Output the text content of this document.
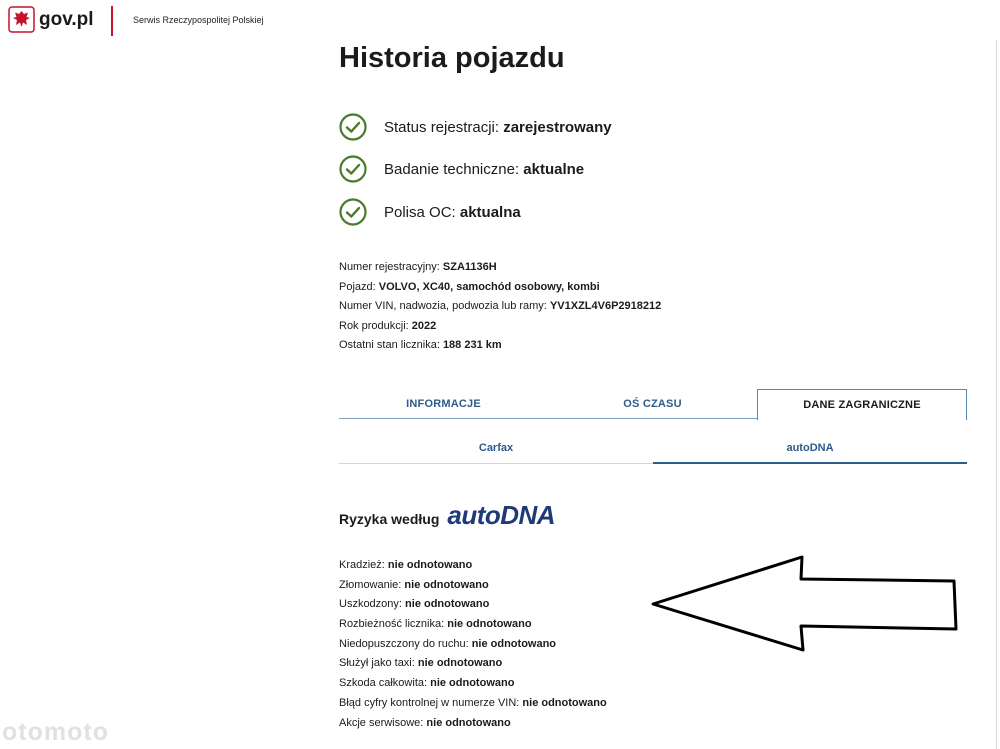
gov.pl	Serwis Rzeczypospolitej Polskiej
Historia pojazdu
Status rejestracji: zarejestrowany
Badanie techniczne: aktualne
Polisa OC: aktualna
Numer rejestracyjny: SZA1136H
Pojazd: VOLVO, XC40, samochód osobowy, kombi
Numer VIN, nadwozia, podwozia lub ramy: YV1XZL4V6P2918212
Rok produkcji: 2022
Ostatni stan licznika: 188 231 km
INFORMACJE	OŚ CZASU	DANE ZAGRANICZNE
Carfax	autoDNA
Ryzyka według autoDNA
Kradzież: nie odnotowano
Złomowanie: nie odnotowano
Uszkodzony: nie odnotowano
Rozbieżność licznika: nie odnotowano
Niedopuszczony do ruchu: nie odnotowano
Służył jako taxi: nie odnotowano
Szkoda całkowita: nie odnotowano
Błąd cyfry kontrolnej w numerze VIN: nie odnotowano
Akcje serwisowe: nie odnotowano
otomoto
